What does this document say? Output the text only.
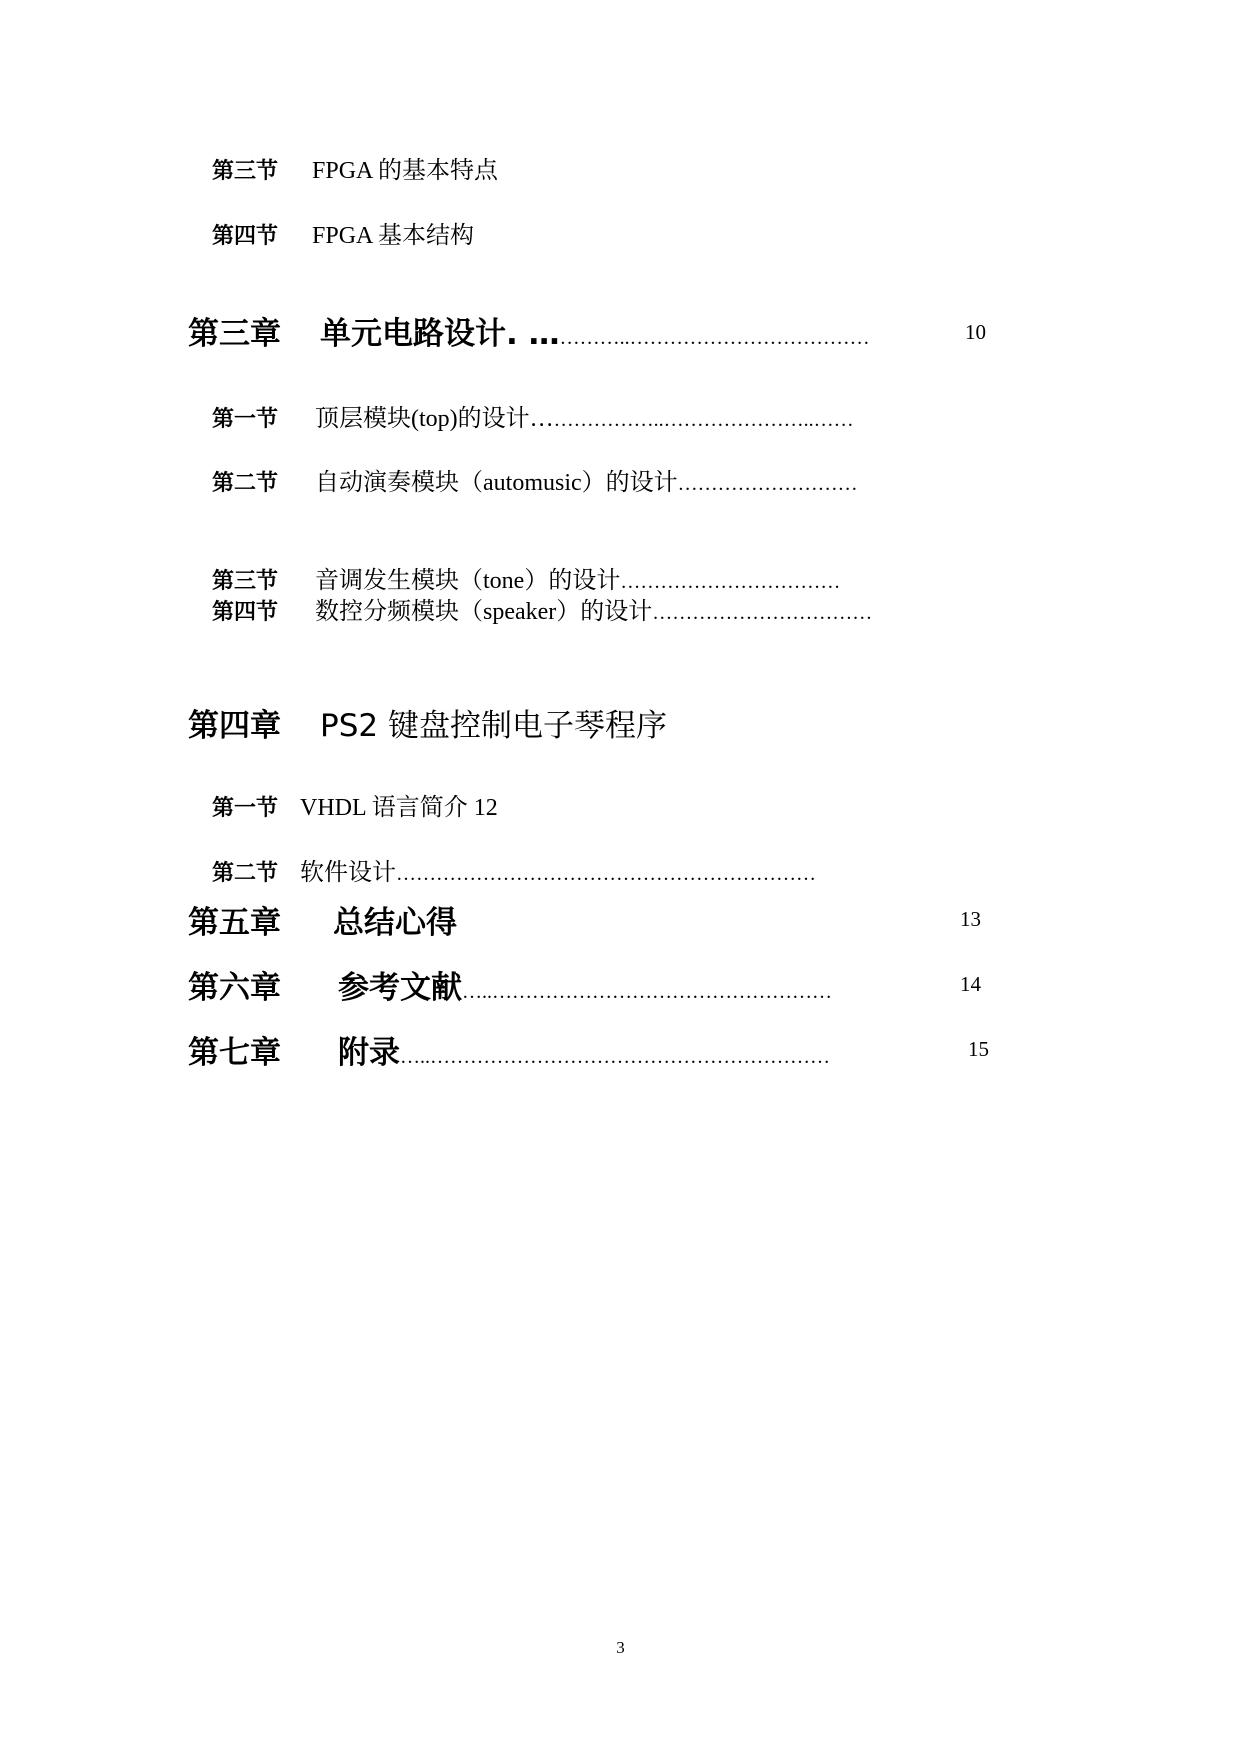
第三节 FPGA 的基本特点
第四节 FPGA 基本结构
第三章 单元电路设计. …………..………………………………	10
第一节 顶层模块(top)的设计………………..…………………..……
第二节 自动演奏模块（automusic）的设计………………………
第三节 音调发生模块（tone）的设计……………………………
第四节 数控分频模块（speaker）的设计……………………………
第四章 PS2 键盘控制电子琴程序
第一节 VHDL 语言简介 12
第二节 软件设计………………………………………………………
第五章 总结心得	13
第六章 参考文献…..……………………………………………	14
第七章 附录…..……………………………………………………	15
3
